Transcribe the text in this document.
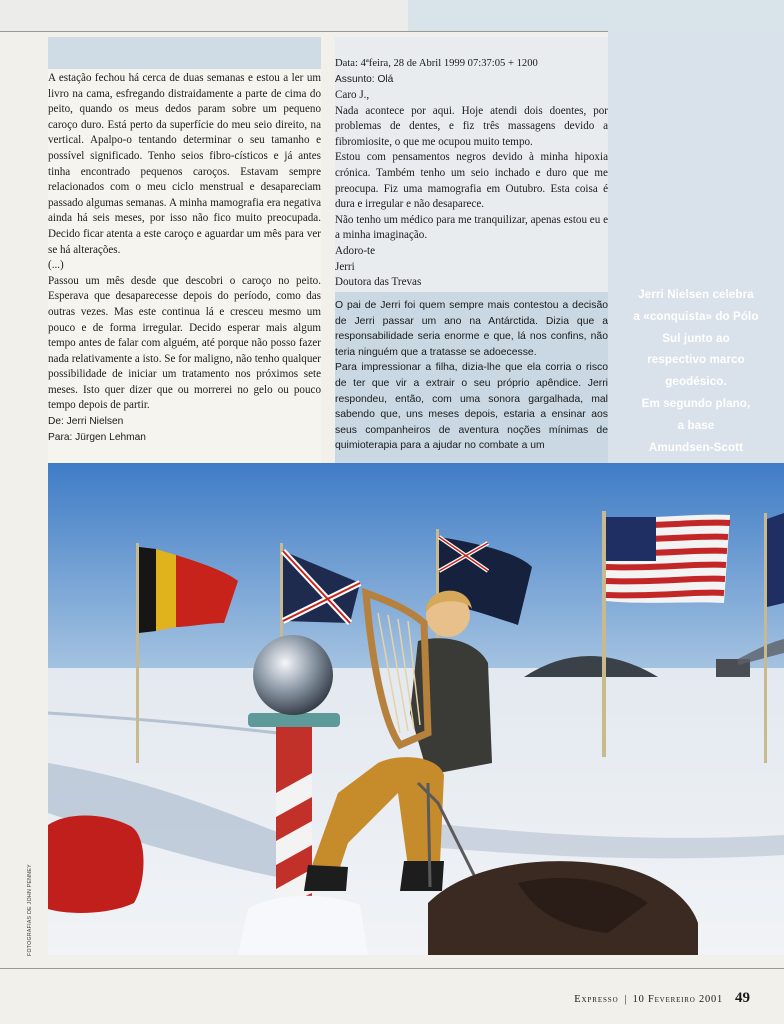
A estação fechou há cerca de duas semanas e estou a ler um livro na cama, esfregando distraidamente a parte de cima do peito, quando os meus dedos param sobre um pequeno caroço duro. Está perto da superfície do meu seio direito, na vertical. Apalpo-o tentando determinar o seu tamanho e possível significado. Tenho seios fibro-císticos e já antes tinha encontrado pequenos caroços. Estavam sempre relacionados com o meu ciclo menstrual e desapareciam passado algumas semanas. A minha mamografia era negativa ainda há seis meses, por isso não fico muito preocupada. Decido ficar atenta a este caroço e aguardar um mês para ver se há alterações.

(...)

Passou um mês desde que descobri o caroço no peito. Esperava que desaparecesse depois do período, como das outras vezes. Mas este continua lá e cresceu mesmo um pouco e de forma irregular. Decido esperar mais algum tempo antes de falar com alguém, até porque não posso fazer nada relativamente a isto. Se for maligno, não tenho qualquer possibilidade de iniciar um tratamento nos próximos sete meses. Isto quer dizer que ou morrerei no gelo ou pouco tempo depois de partir.

De: Jerri Nielsen

Para: Jürgen Lehman

Data: 4ªfeira, 28 de Abril 1999 07:37:05 + 1200

Assunto: Olá

Caro J.,

Nada acontece por aqui. Hoje atendi dois doentes, por problemas de dentes, e fiz três massagens devido a fibromiosite, o que me ocupou muito tempo.

Estou com pensamentos negros devido à minha hipoxia crónica. Também tenho um seio inchado e duro que me preocupa. Fiz uma mamografia em Outubro. Esta coisa é dura e irregular e não desaparece.

Não tenho um médico para me tranquilizar, apenas estou eu e a minha imaginação.

Adoro-te

Jerri

Doutora das Trevas

O pai de Jerri foi quem sempre mais contestou a decisão de Jerri passar um ano na Antárctida. Dizia que a responsabilidade seria enorme e que, lá nos confins, não teria ninguém que a tratasse se adoecesse.

Para impressionar a filha, dizia-lhe que ela corria o risco de ter que vir a extrair o seu próprio apêndice. Jerri respondeu, então, com uma sonora gargalhada, mal sabendo que, uns meses depois, estaria a ensinar aos seus companheiros de aventura noções mínimas de quimioterapia para a ajudar no combate a um

Jerri Nielsen celebra
a «conquista» do Pólo
Sul junto ao
respectivo marco
geodésico.
Em segundo plano,
a base
Amundsen-Scott
FOTOGRAFIAS DE JOHN PENNEY
Expresso | 10 Fevereiro 2001 49
